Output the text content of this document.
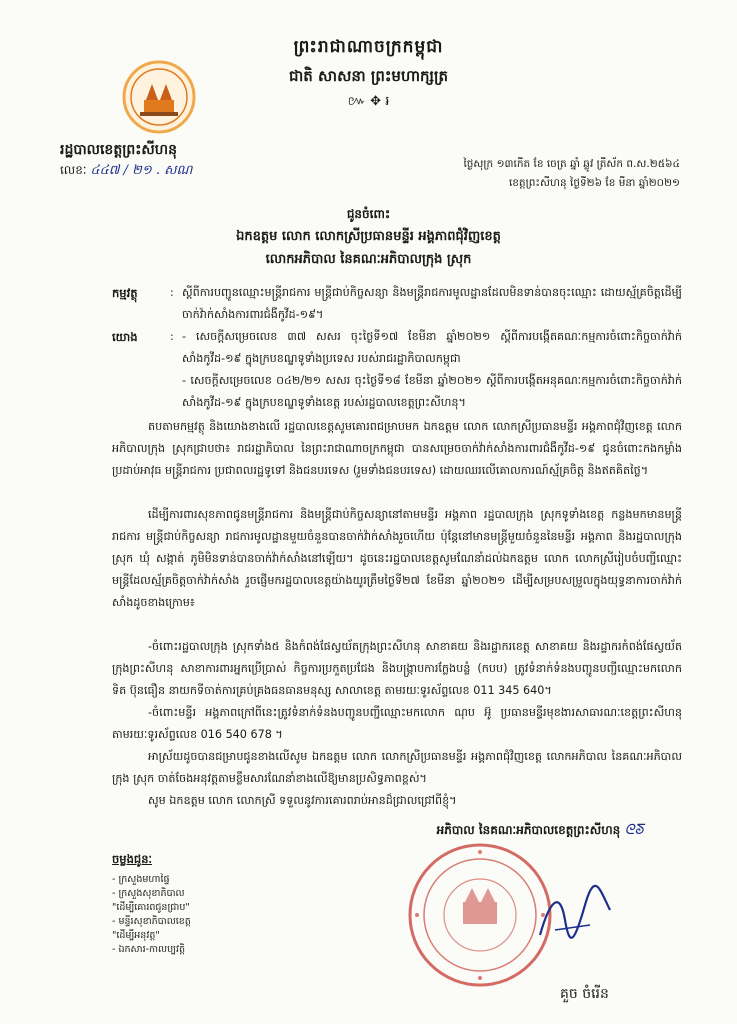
ព្រះរាជាណាចក្រកម្ពុជា
ជាតិ សាសនា ព្រះមហាក្សត្រ
៚ ✥ ៛
រដ្ឋបាលខេត្តព្រះសីហនុ
លេខៈ ៤៤៧ / ២១ . សណ	ថ្ងៃសុក្រ ១៣កើត ខែ ចេត្រ ឆ្នាំ ឆ្លូវ ត្រីស័ក ព.ស.២៥៦៤
ខេត្តព្រះសីហនុ ថ្ងៃទី២៦ ខែ មីនា ឆ្នាំ២០២១
ជូនចំពោះ
ឯកឧត្តម លោក លោកស្រីប្រធានមន្ទីរ អង្គភាពជុំវិញខេត្ត
លោកអភិបាល នៃគណៈអភិបាលក្រុង ស្រុក
កម្មវត្ថុ	: ស្តីពីការបញ្ជូនឈ្មោះមន្ត្រីរាជការ មន្ត្រីជាប់កិច្ចសន្យា និងមន្ត្រីរាជការមូលដ្ឋានដែលមិនទាន់បានចុះឈ្មោះ ដោយស្ម័គ្រចិត្តដើម្បីចាក់វ៉ាក់សាំងការពារជំងឺកូវីដ-១៩។
យោង	: - សេចក្តីសម្រេចលេខ ៣៧ សសរ ចុះថ្ងៃទី១៧ ខែមីនា ឆ្នាំ២០២១ ស្តីពីការបង្កើតគណៈកម្មការចំពោះកិច្ចចាក់វ៉ាក់សាំងកូវីដ-១៩ ក្នុងក្របខណ្ឌទូទាំងប្រទេស របស់រាជរដ្ឋាភិបាលកម្ពុជា
- សេចក្តីសម្រេចលេខ ០៤២/២១ សសរ ចុះថ្ងៃទី១៨ ខែមីនា ឆ្នាំ២០២១ ស្តីពីការបង្កើតអនុគណៈកម្មការចំពោះកិច្ចចាក់វ៉ាក់សាំងកូវីដ-១៩ ក្នុងក្របខណ្ឌទូទាំងខេត្ត របស់រដ្ឋបាលខេត្តព្រះសីហនុ។
តបតាមកម្មវត្ថុ និងយោងខាងលើ រដ្ឋបាលខេត្តសូមគោរពជម្រាបមក ឯកឧត្តម លោក លោកស្រីប្រធានមន្ទីរ អង្គភាពជុំវិញខេត្ត លោកអភិបាលក្រុង ស្រុកជ្រាបថា៖ រាជរដ្ឋាភិបាល នៃព្រះរាជាណាចក្រកម្ពុជា បានសម្រេចចាក់វ៉ាក់សាំងការពារជំងឺកូវីដ-១៩ ជូនចំពោះកងកម្លាំងប្រដាប់អាវុធ មន្ត្រីរាជការ ប្រជាពលរដ្ឋទូទៅ និងជនបរទេស (រួមទាំងជនបរទេស) ដោយឈរលើគោលការណ៍ស្ម័គ្រចិត្ត និងឥតគិតថ្លៃ។
ដើម្បីការពារសុខភាពជូនមន្ត្រីរាជការ និងមន្ត្រីជាប់កិច្ចសន្យានៅតាមមន្ទីរ អង្គភាព រដ្ឋបាលក្រុង ស្រុកទូទាំងខេត្ត កន្លងមកមានមន្ត្រីរាជការ មន្ត្រីជាប់កិច្ចសន្យា រាជការមូលដ្ឋានមួយចំនួនបានចាក់វ៉ាក់សាំងរួចហើយ ប៉ុន្តែនៅមានមន្ត្រីមួយចំនួននៃមន្ទីរ អង្គភាព និងរដ្ឋបាលក្រុង ស្រុក ឃុំ សង្កាត់ ភូមិមិនទាន់បានចាក់វ៉ាក់សាំងនៅឡើយ។ ដូចនេះរដ្ឋបាលខេត្តសូមណែនាំដល់ឯកឧត្តម លោក លោកស្រីរៀបចំបញ្ជីឈ្មោះមន្ត្រីដែលស្ម័គ្រចិត្តចាក់វ៉ាក់សាំង រួចផ្ញើមករដ្ឋបាលខេត្តយ៉ាងយូរត្រឹមថ្ងៃទី២៧ ខែមីនា ឆ្នាំ២០២១ ដើម្បីសម្របសម្រួលក្នុងយុទ្ធនាការចាក់វ៉ាក់សាំងដូចខាងក្រោម៖
-ចំពោះរដ្ឋបាលក្រុង ស្រុកទាំង៥ និងកំពង់ផែស្វយ័តក្រុងព្រះសីហនុ សាខាគយ និងរដ្ឋាករខេត្ត សាខាគយ និងរដ្ឋាករកំពង់ផែស្វយ័តក្រុងព្រះសីហនុ សាខាការពារអ្នកប្រើប្រាស់ កិច្ចការប្រកួតប្រជែង និងបង្ក្រាបការក្លែងបន្លំ (កបប) ត្រូវទំនាក់ទំនងបញ្ជូនបញ្ជីឈ្មោះមកលោក ទិត ប៊ុនធឿន នាយកទីចាត់ការគ្រប់គ្រងធនធានមនុស្ស សាលាខេត្ត តាមរយៈទូរស័ព្ទលេខ 011 345 640។
-ចំពោះមន្ទីរ អង្គភាពក្រៅពីនេះត្រូវទំនាក់ទំនងបញ្ជូនបញ្ជីឈ្មោះមកលោក ណុប អ៊ូ ប្រធានមន្ទីរមុខងារសាធារណៈខេត្តព្រះសីហនុ តាមរយៈទូរស័ព្ទលេខ 016 540 678 ។
អាស្រ័យដូចបានជម្រាបជូនខាងលើសូម ឯកឧត្តម លោក លោកស្រីប្រធានមន្ទីរ អង្គភាពជុំវិញខេត្ត លោកអភិបាល នៃគណៈអភិបាលក្រុង ស្រុក ចាត់ចែងអនុវត្តតាមខ្លឹមសារណែនាំខាងលើឱ្យមានប្រសិទ្ធភាពខ្ពស់។
សូម ឯកឧត្តម លោក លោកស្រី ទទួលនូវការគោរពរាប់អានដ៏ជ្រាលជ្រៅពីខ្ញុំ។
អភិបាល នៃគណៈអភិបាលខេត្តព្រះសីហនុ ᘓᘕ
គួច ចំរើន
ចម្លងជូនៈ
- ក្រសួងមហាផ្ទៃ
- ក្រសួងសុខាភិបាល
"ដើម្បីគោរពជូនជ្រាប"
- មន្ទីរសុខាភិបាលខេត្ត
"ដើម្បីអនុវត្ត"
- ឯកសារ-កាលប្បវត្តិ
